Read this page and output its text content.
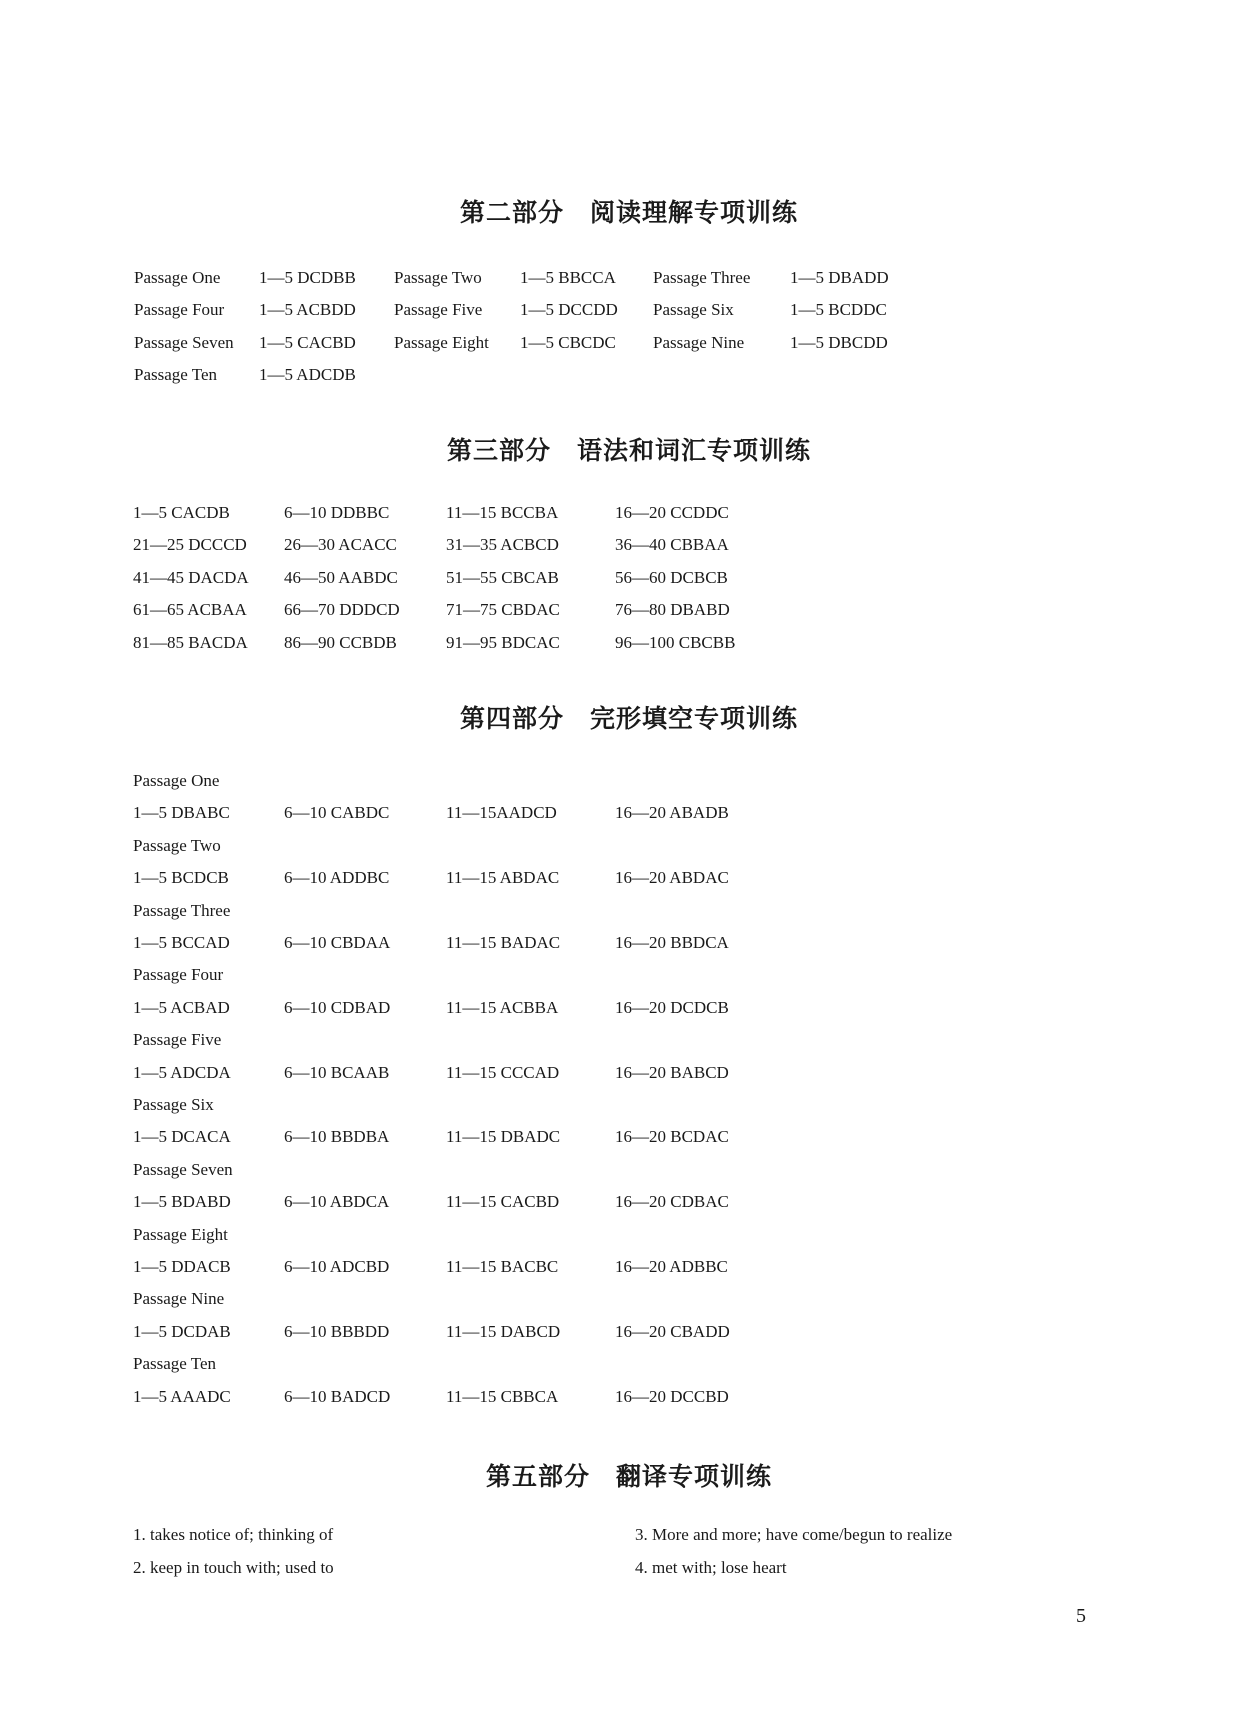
第二部分　阅读理解专项训练
Passage One 1—5 DCDBB Passage Two 1—5 BBCCA Passage Three 1—5 DBADD
Passage Four 1—5 ACBDD Passage Five 1—5 DCCDD Passage Six	1—5 BCDDC
Passage Seven 1—5 CACBD Passage Eight 1—5 CBCDC Passage Nine	1—5 DBCDD
Passage Ten 1—5 ADCDB
第三部分　语法和词汇专项训练
1—5 CACDB	6—10 DDBBC	11—15 BCCBA	16—20 CCDDC
21—25 DCCCD 26—30 ACACC	31—35 ACBCD	36—40 CBBAA
41—45 DACDA 46—50 AABDC	51—55 CBCAB	56—60 DCBCB
61—65 ACBAA 66—70 DDDCD	71—75 CBDAC	76—80 DBABD
81—85 BACDA 86—90 CCBDB	91—95 BDCAC	96—100 CBCBB
第四部分　完形填空专项训练
Passage One
1—5 DBABC	6—10 CABDC	11—15AADCD	16—20 ABADB
Passage Two
1—5 BCDCB	6—10 ADDBC	11—15 ABDAC	16—20 ABDAC
Passage Three
1—5 BCCAD	6—10 CBDAA	11—15 BADAC	16—20 BBDCA
Passage Four
1—5 ACBAD	6—10 CDBAD	11—15 ACBBA	16—20 DCDCB
Passage Five
1—5 ADCDA	6—10 BCAAB	11—15 CCCAD	16—20 BABCD
Passage Six
1—5 DCACA	6—10 BBDBA	11—15 DBADC	16—20 BCDAC
Passage Seven
1—5 BDABD	6—10 ABDCA	11—15 CACBD	16—20 CDBAC
Passage Eight
1—5 DDACB	6—10 ADCBD	11—15 BACBC	16—20 ADBBC
Passage Nine
1—5 DCDAB	6—10 BBBDD	11—15 DABCD	16—20 CBADD
Passage Ten
1—5 AAADC	6—10 BADCD	11—15 CBBCA	16—20 DCCBD
第五部分　翻译专项训练
1. takes notice of; thinking of	3. More and more; have come/begun to realize
2. keep in touch with; used to	4. met with; lose heart
5
